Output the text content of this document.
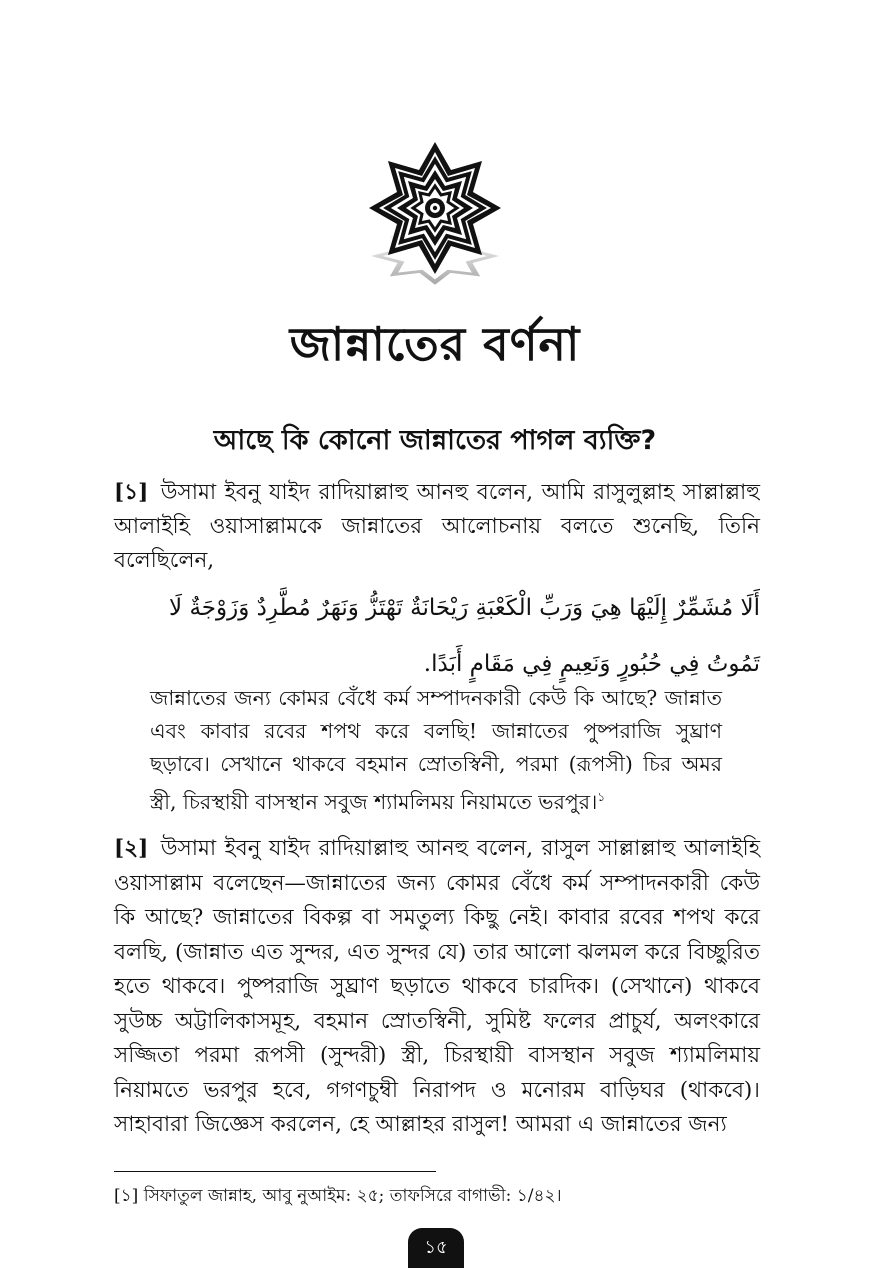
জান্নাতের বর্ণনা
আছে কি কোনো জান্নাতের পাগল ব্যক্তি?
[১] উসামা ইবনু যাইদ রাদিয়াল্লাহু আনহু বলেন, আমি রাসুলুল্লাহ সাল্লাল্লাহু আলাইহি ওয়াসাল্লামকে জান্নাতের আলোচনায় বলতে শুনেছি, তিনি বলেছিলেন,
أَلَا مُشَمِّرٌ إِلَيْهَا هِيَ وَرَبِّ الْكَعْبَةِ رَيْحَانَةٌ تَهْتَزُّ وَنَهَرٌ مُطَّرِدٌ وَزَوْجَةٌ لَا تَمُوتُ فِي حُبُورٍ وَنَعِيمٍ فِي مَقَامٍ أَبَدًا.
জান্নাতের জন্য কোমর বেঁধে কর্ম সম্পাদনকারী কেউ কি আছে? জান্নাত এবং কাবার রবের শপথ করে বলছি! জান্নাতের পুষ্পরাজি সুঘ্রাণ ছড়াবে। সেখানে থাকবে বহমান স্রোতস্বিনী, পরমা (রূপসী) চির অমর স্ত্রী, চিরস্থায়ী বাসস্থান সবুজ শ্যামলিময় নিয়ামতে ভরপুর।$^১$
[২] উসামা ইবনু যাইদ রাদিয়াল্লাহু আনহু বলেন, রাসুল সাল্লাল্লাহু আলাইহি ওয়াসাল্লাম বলেছেন—জান্নাতের জন্য কোমর বেঁধে কর্ম সম্পাদনকারী কেউ কি আছে? জান্নাতের বিকল্প বা সমতুল্য কিছু নেই। কাবার রবের শপথ করে বলছি, (জান্নাত এত সুন্দর, এত সুন্দর যে) তার আলো ঝলমল করে বিচ্ছুরিত হতে থাকবে। পুষ্পরাজি সুঘ্রাণ ছড়াতে থাকবে চারদিক। (সেখানে) থাকবে সুউচ্চ অট্টালিকাসমূহ, বহমান স্রোতস্বিনী, সুমিষ্ট ফলের প্রাচুর্য, অলংকারে সজ্জিতা পরমা রূপসী (সুন্দরী) স্ত্রী, চিরস্থায়ী বাসস্থান সবুজ শ্যামলিমায় নিয়ামতে ভরপুর হবে, গগণচুম্বী নিরাপদ ও মনোরম বাড়িঘর (থাকবে)। সাহাবারা জিজ্ঞেস করলেন, হে আল্লাহর রাসুল! আমরা এ জান্নাতের জন্য
[১] সিফাতুল জান্নাহ, আবু নুআইম: ২৫; তাফসিরে বাগাভী: ১/৪২।
১৫
